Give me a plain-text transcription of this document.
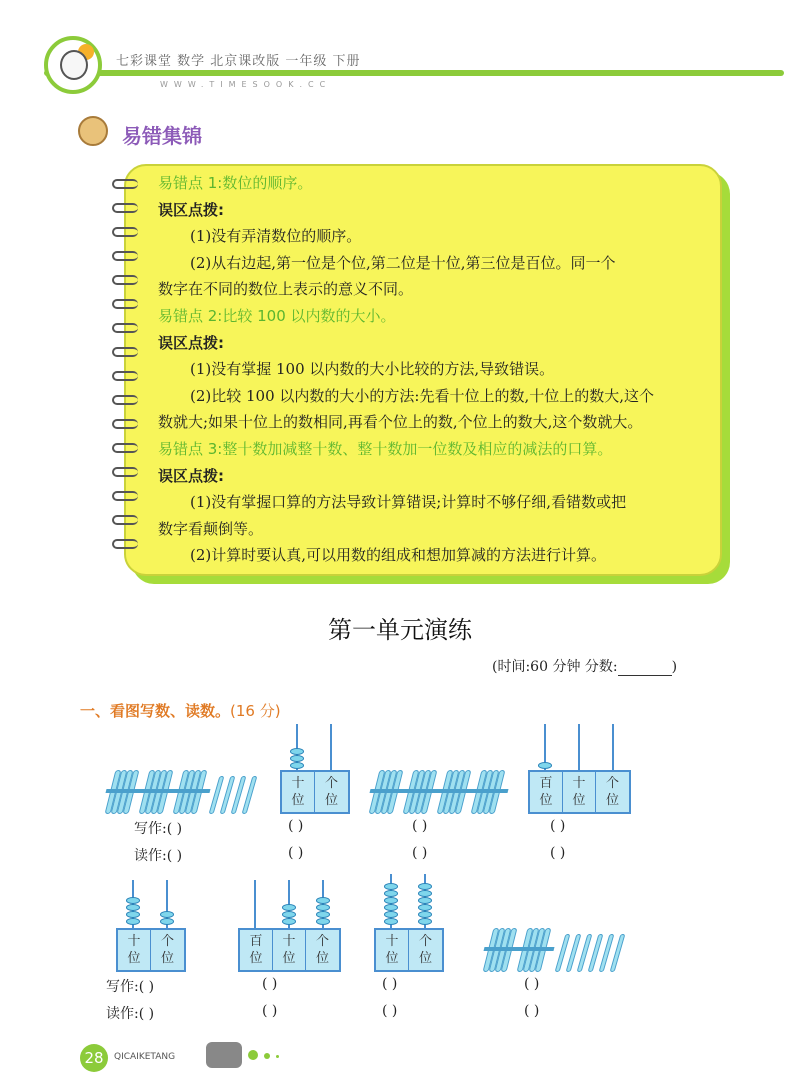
七彩课堂 数学 北京课改版 一年级 下册
WWW.TIMESOOK.CC
易错集锦
易错点 1:数位的顺序。
误区点拨:
(1)没有弄清数位的顺序。
(2)从右边起,第一位是个位,第二位是十位,第三位是百位。同一个
数字在不同的数位上表示的意义不同。
易错点 2:比较 100 以内数的大小。
误区点拨:
(1)没有掌握 100 以内数的大小比较的方法,导致错误。
(2)比较 100 以内数的大小的方法:先看十位上的数,十位上的数大,这个
数就大;如果十位上的数相同,再看个位上的数,个位上的数大,这个数就大。
易错点 3:整十数加减整十数、整十数加一位数及相应的减法的口算。
误区点拨:
(1)没有掌握口算的方法导致计算错误;计算时不够仔细,看错数或把
数字看颠倒等。
(2)计算时要认真,可以用数的组成和想加算减的方法进行计算。
第一单元演练
(时间:60 分钟 分数:	)
一、看图写数、读数。(16 分)
十
位
个
位
百
位
十
位
个
位
写作:( )
读作:( )
( )
( )
( )
( )
( )
( )
十
位
个
位
百
位
十
位
个
位
十
位
个
位
写作:( )
读作:( )
( )
( )
( )
( )
( )
( )
28	QICAIKETANG
